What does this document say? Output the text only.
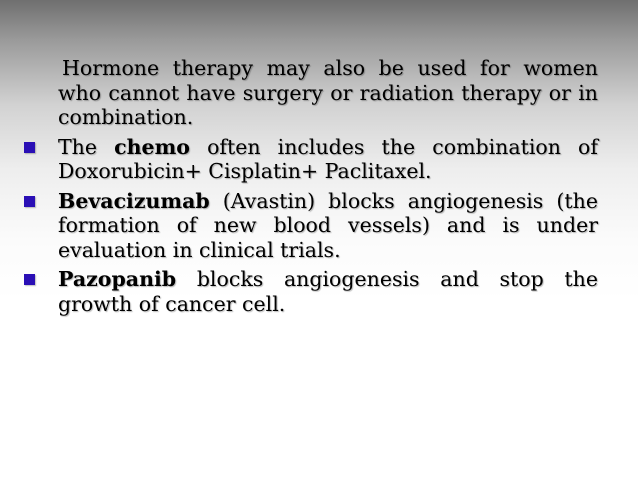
Hormone therapy may also be used for women who cannot have surgery or radiation therapy or in combination.

The chemo often includes the combination of Doxorubicin+ Cisplatin+ Paclitaxel.

Bevacizumab (Avastin) blocks angiogenesis (the formation of new blood vessels) and is under evaluation in clinical trials.

Pazopanib blocks angiogenesis and stop the growth of cancer cell.
